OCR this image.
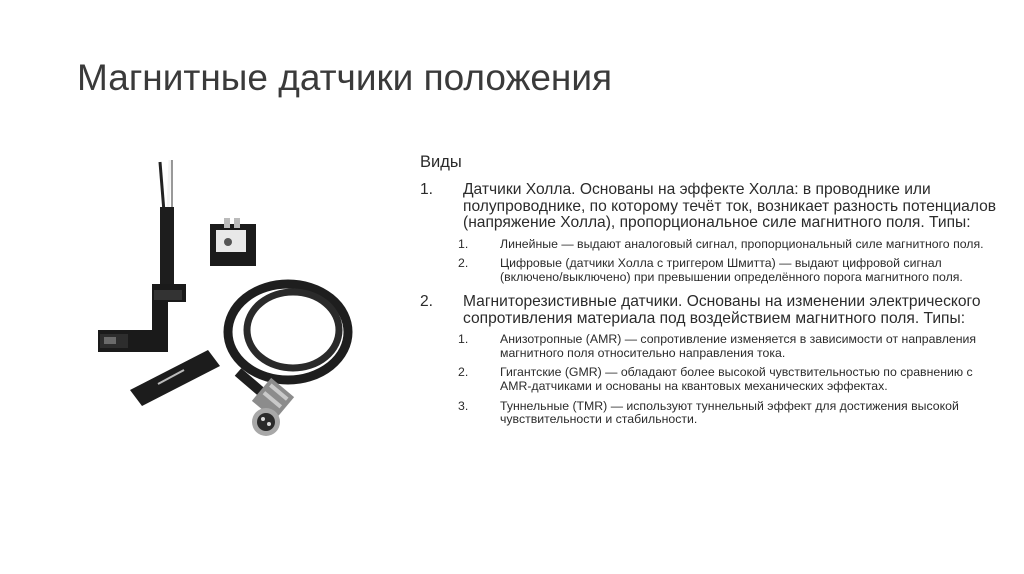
Магнитные датчики положения
Виды
1. Датчики Холла. Основаны на эффекте Холла: в проводнике или полупроводнике, по которому течёт ток, возникает разность потенциалов (напряжение Холла), пропорциональное силе магнитного поля. Типы:
1.	Линейные — выдают аналоговый сигнал, пропорциональный силе магнитного поля.
2.	Цифровые (датчики Холла с триггером Шмитта) — выдают цифровой сигнал (включено/выключено) при превышении определённого порога магнитного поля.
2. Магниторезистивные датчики. Основаны на изменении электрического сопротивления материала под воздействием магнитного поля. Типы:
1.	Анизотропные (AMR) — сопротивление изменяется в зависимости от направления магнитного поля относительно направления тока.
2.	Гигантские (GMR) — обладают более высокой чувствительностью по сравнению с AMR-датчиками и основаны на квантовых механических эффектах.
3.	Туннельные (TMR) — используют туннельный эффект для достижения высокой чувствительности и стабильности.
